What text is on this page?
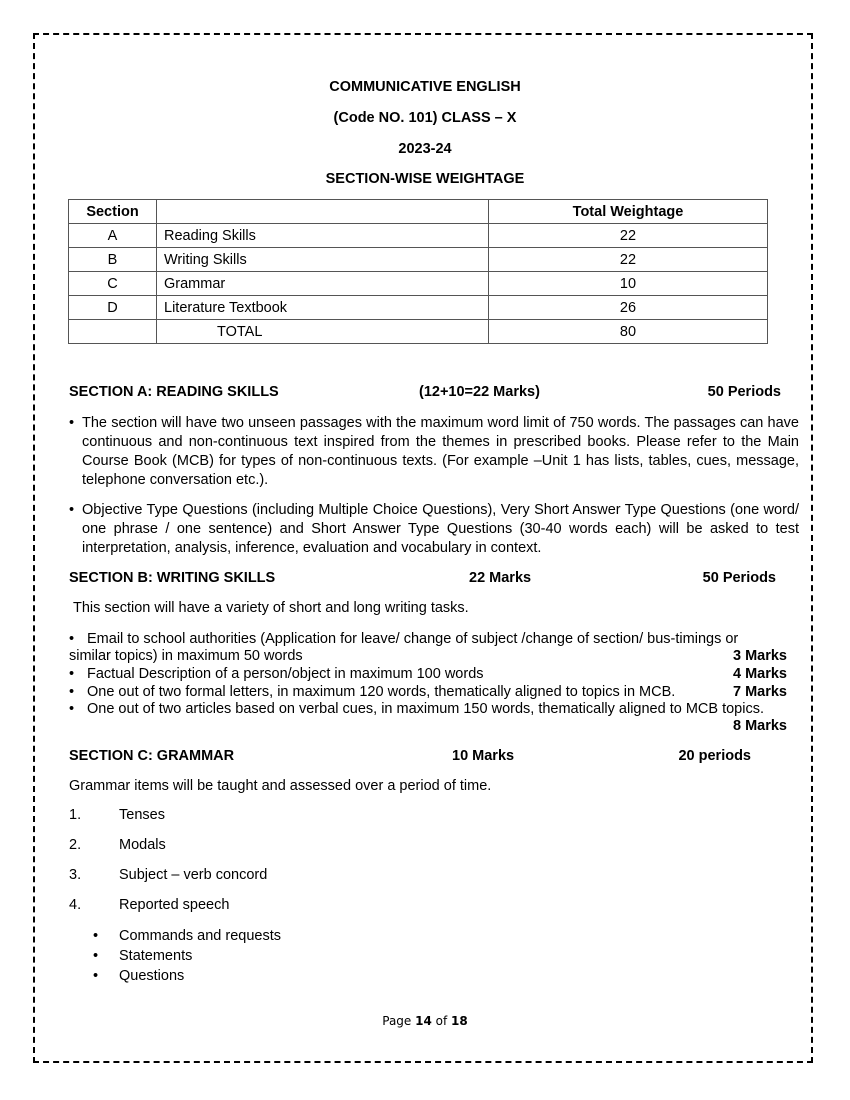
COMMUNICATIVE ENGLISH
(Code NO. 101) CLASS – X
2023-24
SECTION-WISE WEIGHTAGE
Section		Total Weightage
A	Reading Skills	22
B	Writing Skills	22
C	Grammar	10
D	Literature Textbook	26
	TOTAL	80
SECTION A: READING SKILLS	(12+10=22 Marks)	50 Periods
• The section will have two unseen passages with the maximum word limit of 750 words. The passages can have continuous and non-continuous text inspired from the themes in prescribed books. Please refer to the Main Course Book (MCB) for types of non-continuous texts. (For example –Unit 1 has lists, tables, cues, message, telephone conversation etc.).
• Objective Type Questions (including Multiple Choice Questions), Very Short Answer Type Questions (one word/ one phrase / one sentence) and Short Answer Type Questions (30-40 words each) will be asked to test interpretation, analysis, inference, evaluation and vocabulary in context.
SECTION B: WRITING SKILLS	22 Marks	50 Periods
This section will have a variety of short and long writing tasks.
• Email to school authorities (Application for leave/ change of subject /change of section/ bus-timings or
similar topics) in maximum 50 words	3 Marks
• Factual Description of a person/object in maximum 100 words	4 Marks
• One out of two formal letters, in maximum 120 words, thematically aligned to topics in MCB.	7 Marks
• One out of two articles based on verbal cues, in maximum 150 words, thematically aligned to MCB topics.
8 Marks
SECTION C: GRAMMAR	10 Marks	20 periods
Grammar items will be taught and assessed over a period of time.
1.	Tenses
2.	Modals
3.	Subject – verb concord
4.	Reported speech
• Commands and requests
• Statements
• Questions
Page 14 of 18
